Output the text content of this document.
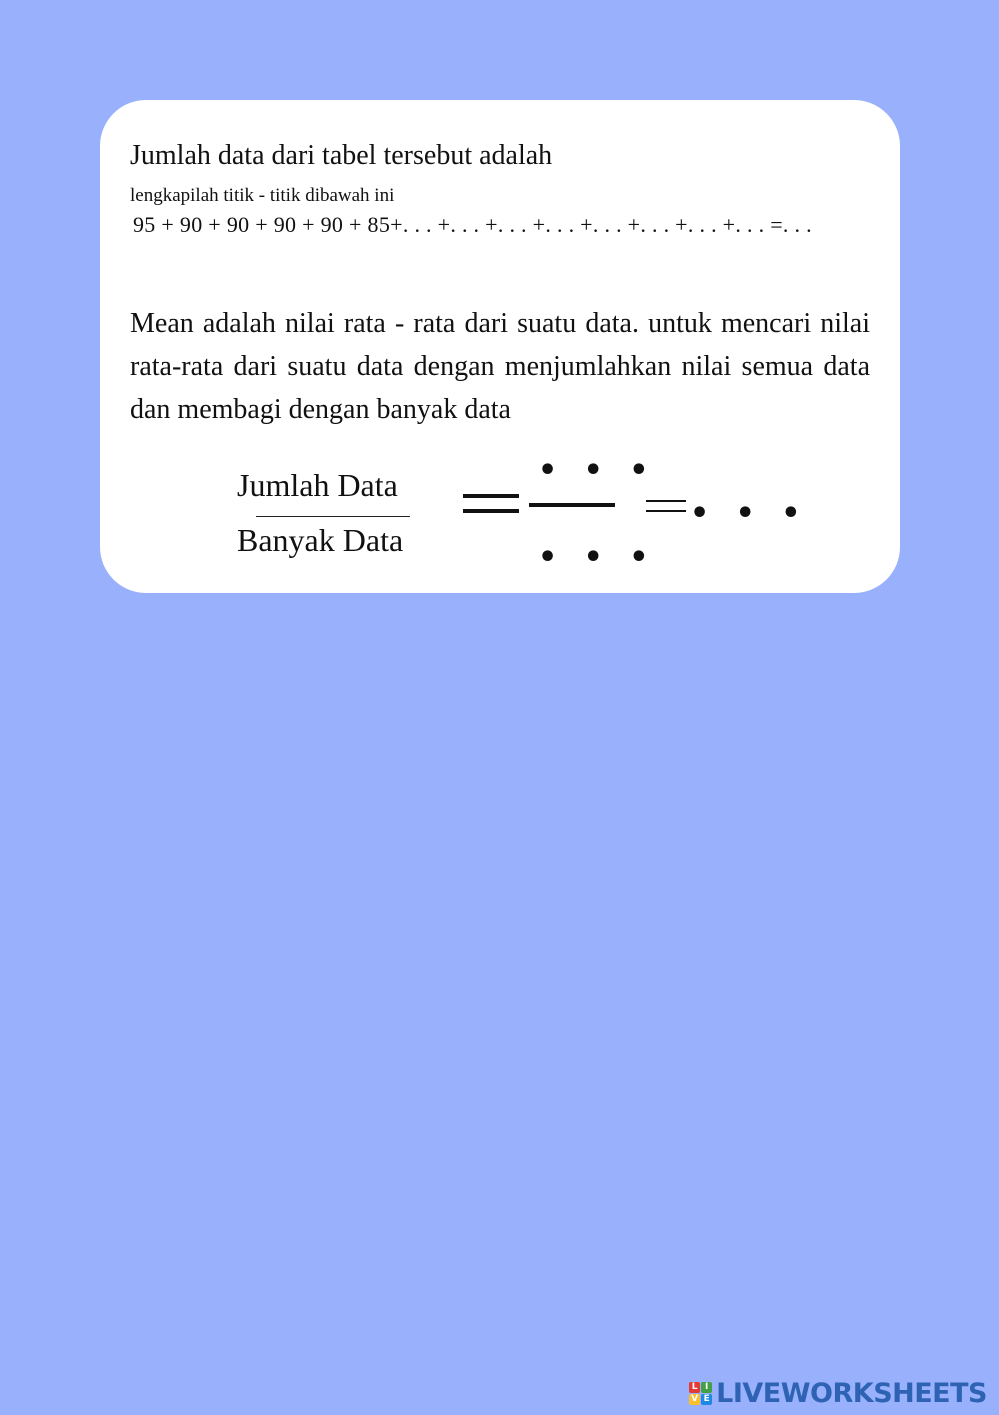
Jumlah data dari tabel tersebut adalah
lengkapilah titik - titik dibawah ini
95 + 90 + 90 + 90 + 90 + 85+. . . +. . . +. . . +. . . +. . . +. . . +. . . +. . . =. . .

Mean adalah nilai rata - rata dari suatu data. untuk mencari nilai rata-rata dari suatu data dengan menjumlahkan nilai semua data dan membagi dengan banyak data

Jumlah Data
Banyak Data
• • •
• • •
• • •
L I
V E LIVEWORKSHEETS
